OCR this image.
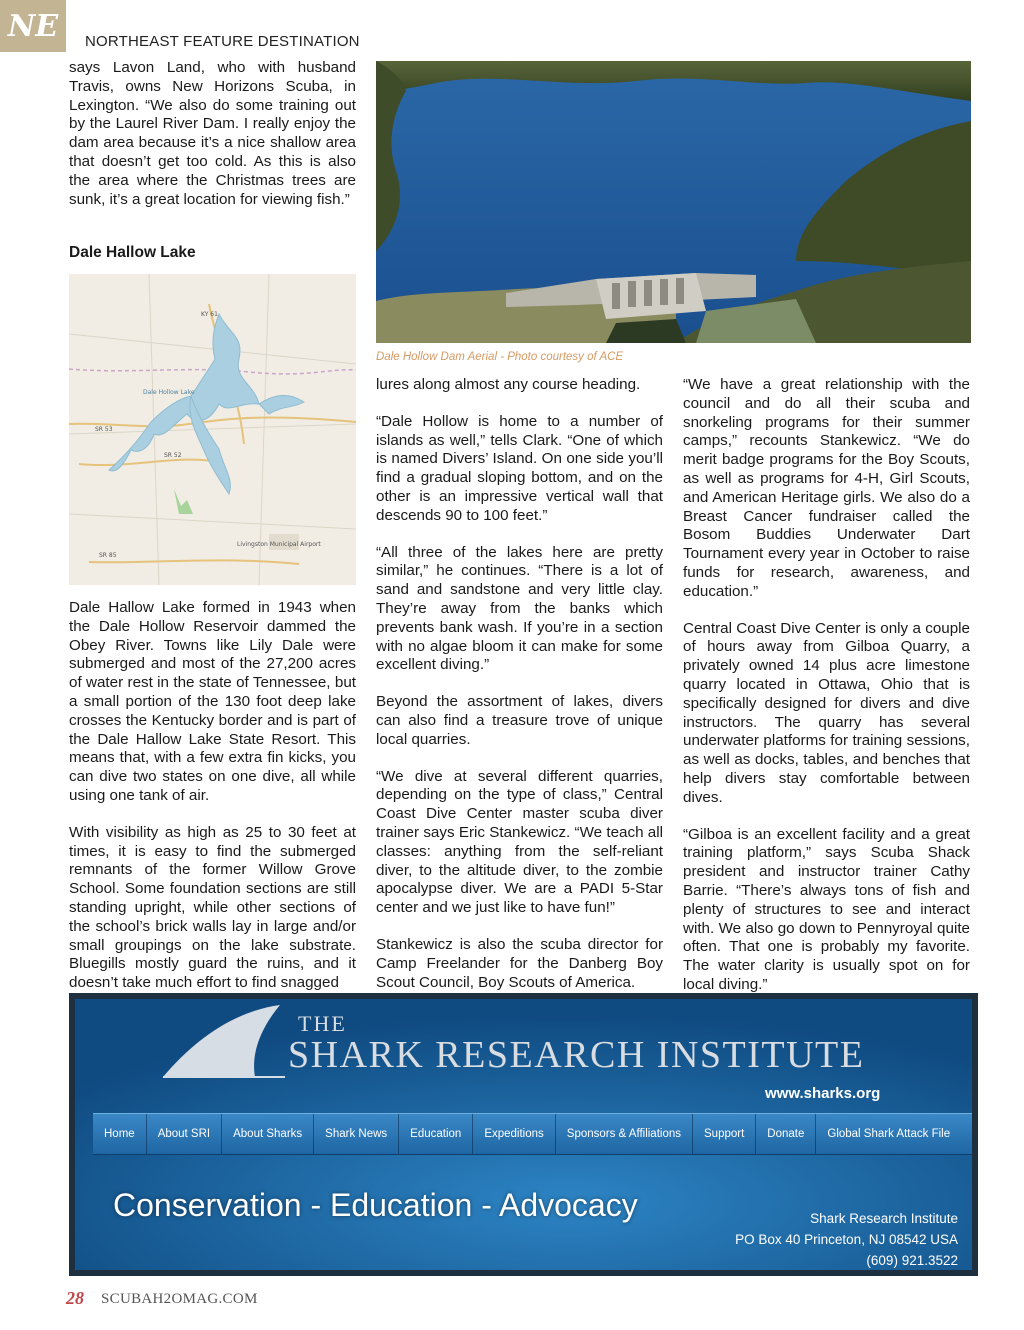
NE	NORTHEAST FEATURE DESTINATION

says Lavon Land, who with husband Travis, owns New Horizons Scuba, in Lexington. “We also do some training out by the Laurel River Dam. I really enjoy the dam area because it’s a nice shallow area that doesn’t get too cold. As this is also the area where the Christmas trees are sunk, it’s a great location for viewing fish.”

Dale Hallow Lake
KY 61
Dale Hollow Lake
SR 53
SR 52
Livingston Municipal Airport
SR 85

Dale Hallow Lake formed in 1943 when the Dale Hollow Reservoir dammed the Obey River. Towns like Lily Dale were submerged and most of the 27,200 acres of water rest in the state of Tennessee, but a small portion of the 130 foot deep lake crosses the Kentucky border and is part of the Dale Hallow Lake State Resort. This means that, with a few extra fin kicks, you can dive two states on one dive, all while using one tank of air.

With visibility as high as 25 to 30 feet at times, it is easy to find the submerged remnants of the former Willow Grove School. Some foundation sections are still standing upright, while other sections of the school’s brick walls lay in large and/or small groupings on the lake substrate. Bluegills mostly guard the ruins, and it doesn’t take much effort to find snagged

Dale Hollow Dam Aerial - Photo courtesy of ACE

lures along almost any course heading.

“Dale Hollow is home to a number of islands as well,” tells Clark. “One of which is named Divers’ Island. On one side you’ll find a gradual sloping bottom, and on the other is an impressive vertical wall that descends 90 to 100 feet.”

“All three of the lakes here are pretty similar,” he continues. “There is a lot of sand and sandstone and very little clay. They’re away from the banks which prevents bank wash. If you’re in a section with no algae bloom it can make for some excellent diving.”

Beyond the assortment of lakes, divers can also find a treasure trove of unique local quarries.

“We dive at several different quarries, depending on the type of class,” Central Coast Dive Center master scuba diver trainer says Eric Stankewicz. “We teach all classes: anything from the self-reliant diver, to the altitude diver, to the zombie apocalypse diver. We are a PADI 5-Star center and we just like to have fun!”

Stankewicz is also the scuba director for Camp Freelander for the Danberg Boy Scout Council, Boy Scouts of America.

“We have a great relationship with the council and do all their scuba and snorkeling programs for their summer camps,” recounts Stankewicz. “We do merit badge programs for the Boy Scouts, as well as programs for 4-H, Girl Scouts, and American Heritage girls. We also do a Breast Cancer fundraiser called the Bosom Buddies Underwater Dart Tournament every year in October to raise funds for research, awareness, and education.”

Central Coast Dive Center is only a couple of hours away from Gilboa Quarry, a privately owned 14 plus acre limestone quarry located in Ottawa, Ohio that is specifically designed for divers and dive instructors. The quarry has several underwater platforms for training sessions, as well as docks, tables, and benches that help divers stay comfortable between dives.

“Gilboa is an excellent facility and a great training platform,” says Scuba Shack president and instructor trainer Cathy Barrie. “There’s always tons of fish and plenty of structures to see and interact with. We also go down to Pennyroyal quite often. That one is probably my favorite. The water clarity is usually spot on for local diving.”

THE
SHARK RESEARCH INSTITUTE
www.sharks.org
Home	About SRI	About Sharks	Shark News	Education	Expeditions	Sponsors & Affiliations	Support	Donate	Global Shark Attack File
Conservation - Education - Advocacy	Shark Research Institute
PO Box 40 Princeton, NJ 08542 USA
(609) 921.3522
28 SCUBAH2OMAG.COM
